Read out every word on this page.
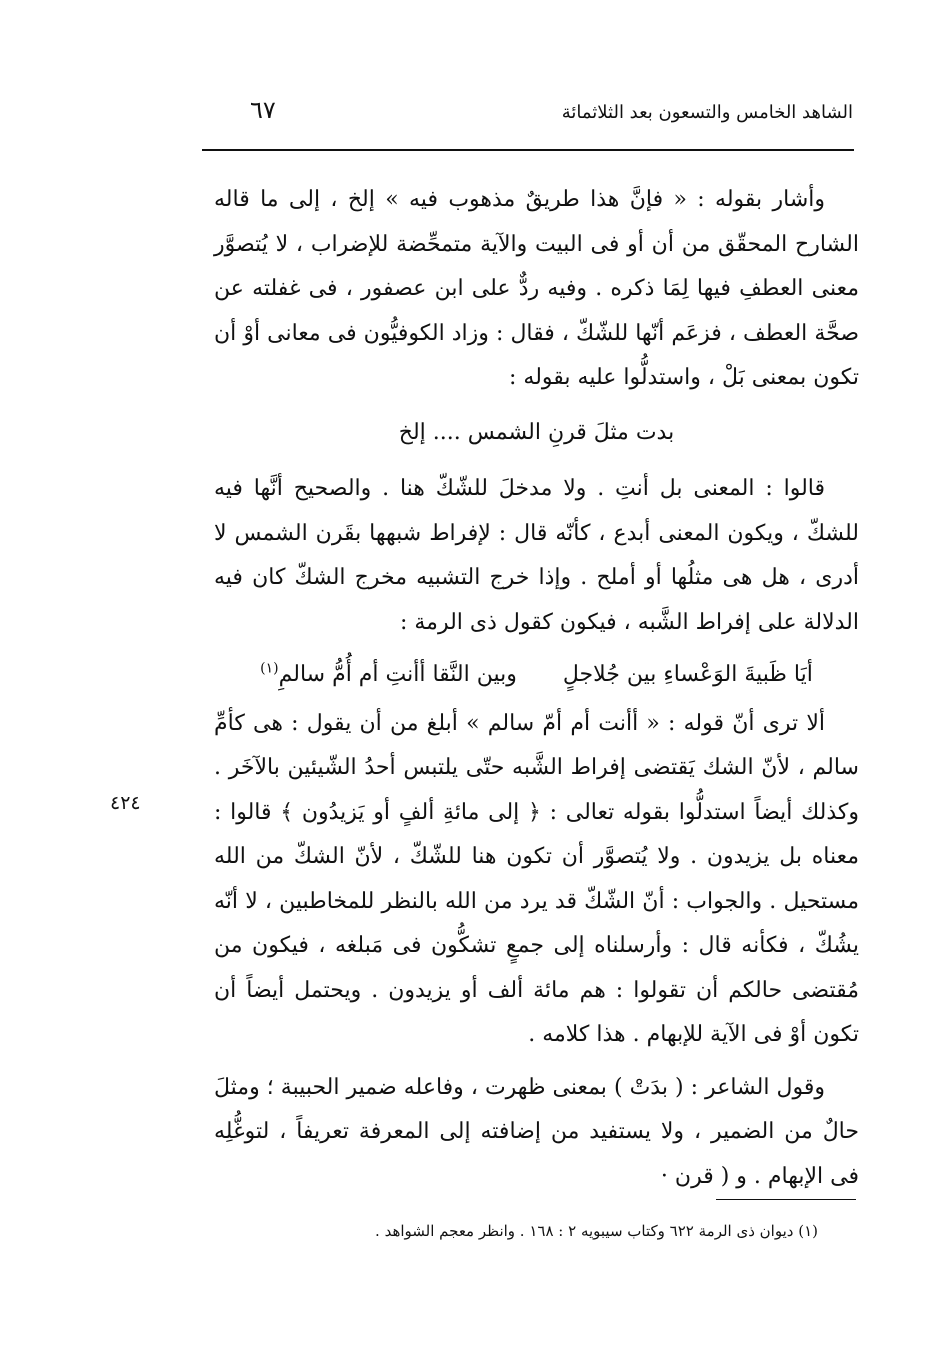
الشاهد الخامس والتسعون بعد الثلاثمائة
٦٧
٤٢٤

وأشار بقوله : « فإنَّ هذا طريقٌ مذهوب فيه » إلخ ، إلى ما قاله الشارح المحقّق من أن أو فى البيت والآية متمحِّضة للإضراب ، لا يُتصوَّر معنى العطفِ فيها لِمَا ذكره . وفيه ردٌّ على ابن عصفور ، فى غفلته عن صحَّة العطف ، فزعَم أنّها للشّكّ ، فقال : وزاد الكوفيُّون فى معانى أوْ أن تكون بمعنى بَلْ ، واستدلُّوا عليه بقوله :

بدت مثلَ قرنِ الشمس .... إلخ

قالوا : المعنى بل أنتِ . ولا مدخلَ للشّكّ هنا . والصحيح أنَّها فيه للشكّ ، ويكون المعنى أبدع ، كأنّه قال : لإفراط شبهها بقَرن الشمس لا أدرى ، هل هى مثلُها أو أملح . وإذا خرج التشبيه مخرج الشكّ كان فيه الدلالة على إفراط الشَّبه ، فيكون كقول ذى الرمة :

أيَا ظَبيةَ الوَعْساءِ بين جُلاجلٍ
وبين النَّقا أأنتِ أم أُمُّ سالمِ$^{(١)}$

ألا ترى أنّ قوله : « أأنت أم أمّ سالم » أبلغ من أن يقول : هى كأمِّ سالم ، لأنّ الشك يَقتضى إفراط الشَّبه حتّى يلتبس أحدُ الشّيئين بالآخَر . وكذلك أيضاً استدلُّوا بقوله تعالى : ﴿ إلى مائةِ ألفٍ أو يَزيدُون ﴾ قالوا : معناه بل يزيدون . ولا يُتصوَّر أن تكون هنا للشّكّ ، لأنّ الشكّ من الله مستحيل . والجواب : أنّ الشّكّ قد يرد من الله بالنظر للمخاطبين ، لا أنّه يشُكّ ، فكأنه قال : وأرسلناه إلى جمعٍ تشكُّون فى مَبلغه ، فيكون من مُقتضى حالكم أن تقولوا : هم مائة ألف أو يزيدون . ويحتمل أيضاً أن تكون أوْ فى الآية للإبهام . هذا كلامه .

وقول الشاعر : ( بدَتْ ) بمعنى ظهرت ، وفاعله ضمير الحبيبة ؛ ومثلَ حالٌ من الضمير ، ولا يستفيد من إضافته إلى المعرفة تعريفاً ، لتوغُّلِه فى الإبهام . و ( قرن ·

(١) ديوان ذى الرمة ٦٢٢ وكتاب سيبويه ٢ : ١٦٨ . وانظر معجم الشواهد .
